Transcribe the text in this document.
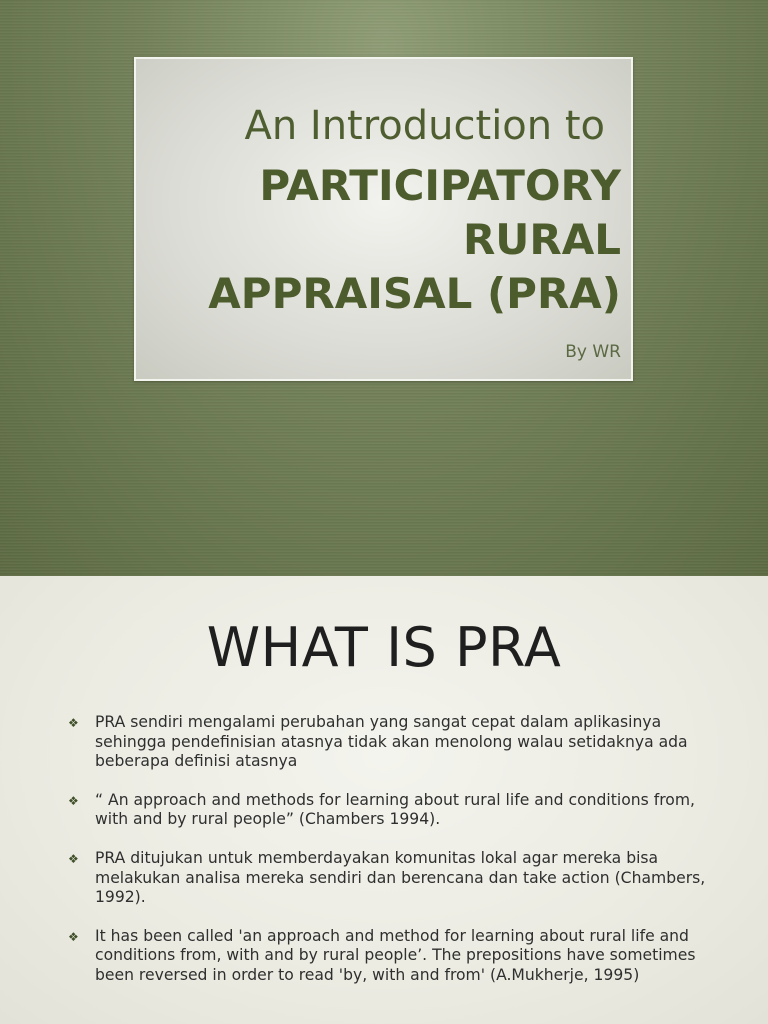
An Introduction to
PARTICIPATORY
RURAL
APPRAISAL (PRA)
By WR
WHAT IS PRA
❖ PRA sendiri mengalami perubahan yang sangat cepat dalam aplikasinya sehingga pendefinisian atasnya tidak akan menolong walau setidaknya ada beberapa definisi atasnya
❖ “ An approach and methods for learning about rural life and conditions from, with and by rural people” (Chambers 1994).
❖ PRA ditujukan untuk memberdayakan komunitas lokal agar mereka bisa melakukan analisa mereka sendiri dan berencana dan take action (Chambers, 1992).
❖ It has been called 'an approach and method for learning about rural life and conditions from, with and by rural people’. The prepositions have sometimes been reversed in order to read 'by, with and from' (A.Mukherje, 1995)
